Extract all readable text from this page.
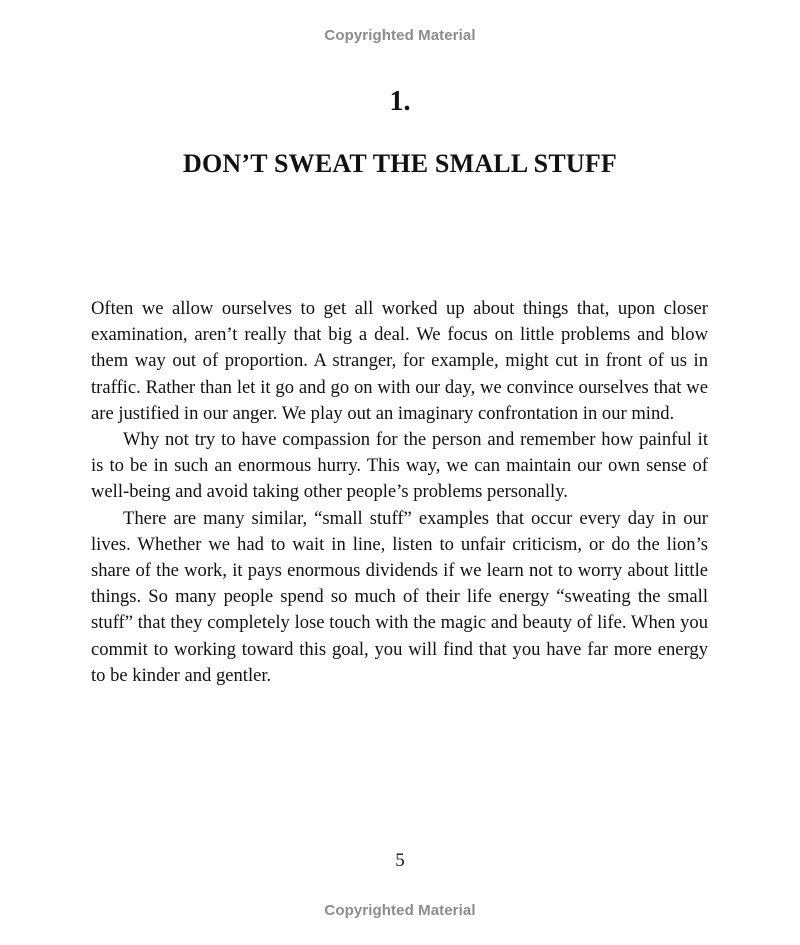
Copyrighted Material
1.
DON’T SWEAT THE SMALL STUFF

Often we allow ourselves to get all worked up about things that, upon closer examination, aren’t really that big a deal. We focus on little problems and blow them way out of proportion. A stranger, for example, might cut in front of us in traffic. Rather than let it go and go on with our day, we convince ourselves that we are justified in our anger. We play out an imaginary confrontation in our mind.

Why not try to have compassion for the person and remember how painful it is to be in such an enormous hurry. This way, we can maintain our own sense of well-being and avoid taking other people’s problems personally.

There are many similar, “small stuff” examples that occur every day in our lives. Whether we had to wait in line, listen to unfair criticism, or do the lion’s share of the work, it pays enormous dividends if we learn not to worry about little things. So many people spend so much of their life energy “sweating the small stuff” that they completely lose touch with the magic and beauty of life. When you commit to working toward this goal, you will find that you have far more energy to be kinder and gentler.

5
Copyrighted Material
